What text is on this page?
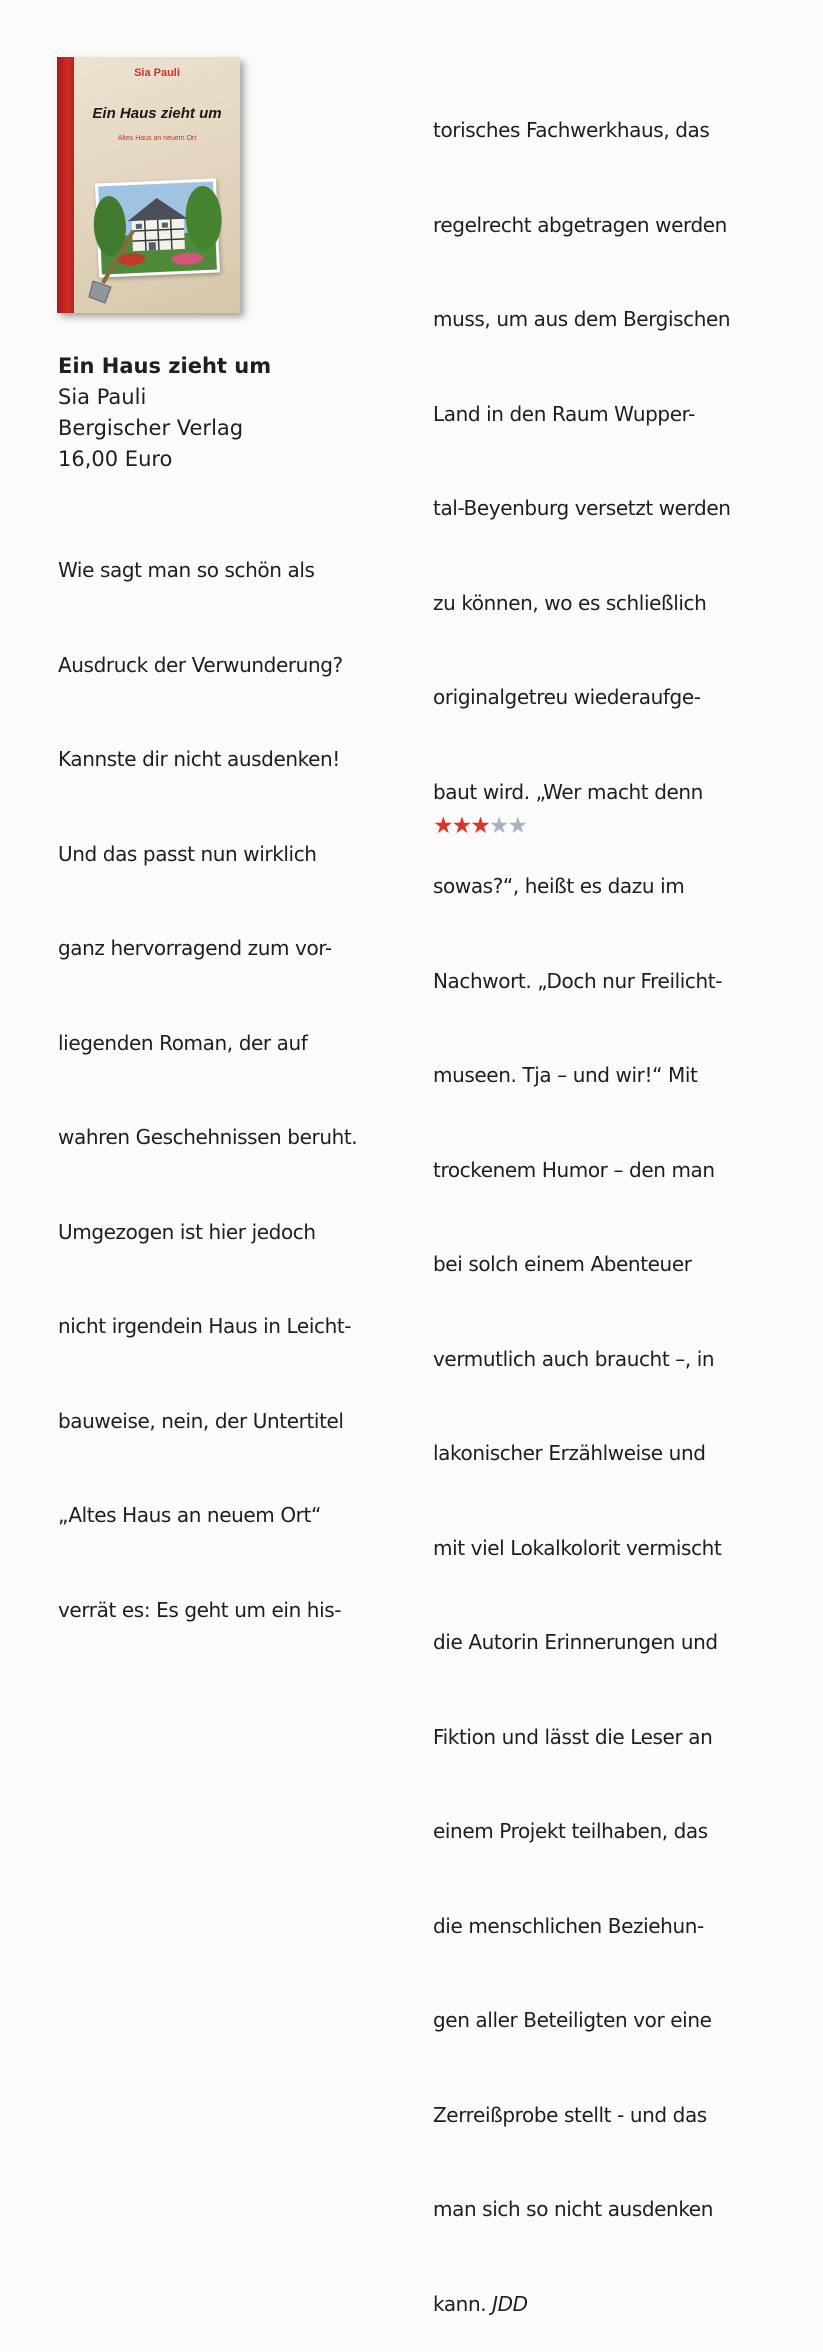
Sia Pauli
Ein Haus zieht um
Altes Haus an neuem Ort
Ein Haus zieht um
Sia Pauli
Bergischer Verlag
16,00 Euro

Wie sagt man so schön als

Ausdruck der Verwunderung?

Kannste dir nicht ausdenken!

Und das passt nun wirklich

ganz hervorragend zum vor-

liegenden Roman, der auf

wahren Geschehnissen beruht.

Umgezogen ist hier jedoch

nicht irgendein Haus in Leicht-

bauweise, nein, der Untertitel

„Altes Haus an neuem Ort“

verrät es: Es geht um ein his-

torisches Fachwerkhaus, das

regelrecht abgetragen werden

muss, um aus dem Bergischen

Land in den Raum Wupper-

tal-Beyenburg versetzt werden

zu können, wo es schließlich

originalgetreu wiederaufge-

baut wird. „Wer macht denn

sowas?“, heißt es dazu im

Nachwort. „Doch nur Freilicht-

museen. Tja – und wir!“ Mit

trockenem Humor – den man

bei solch einem Abenteuer

vermutlich auch braucht –, in

lakonischer Erzählweise und

mit viel Lokalkolorit vermischt

die Autorin Erinnerungen und

Fiktion und lässt die Leser an

einem Projekt teilhaben, das

die menschlichen Beziehun-

gen aller Beteiligten vor eine

Zerreißprobe stellt - und das

man sich so nicht ausdenken

kann. JDD

★★★★★
